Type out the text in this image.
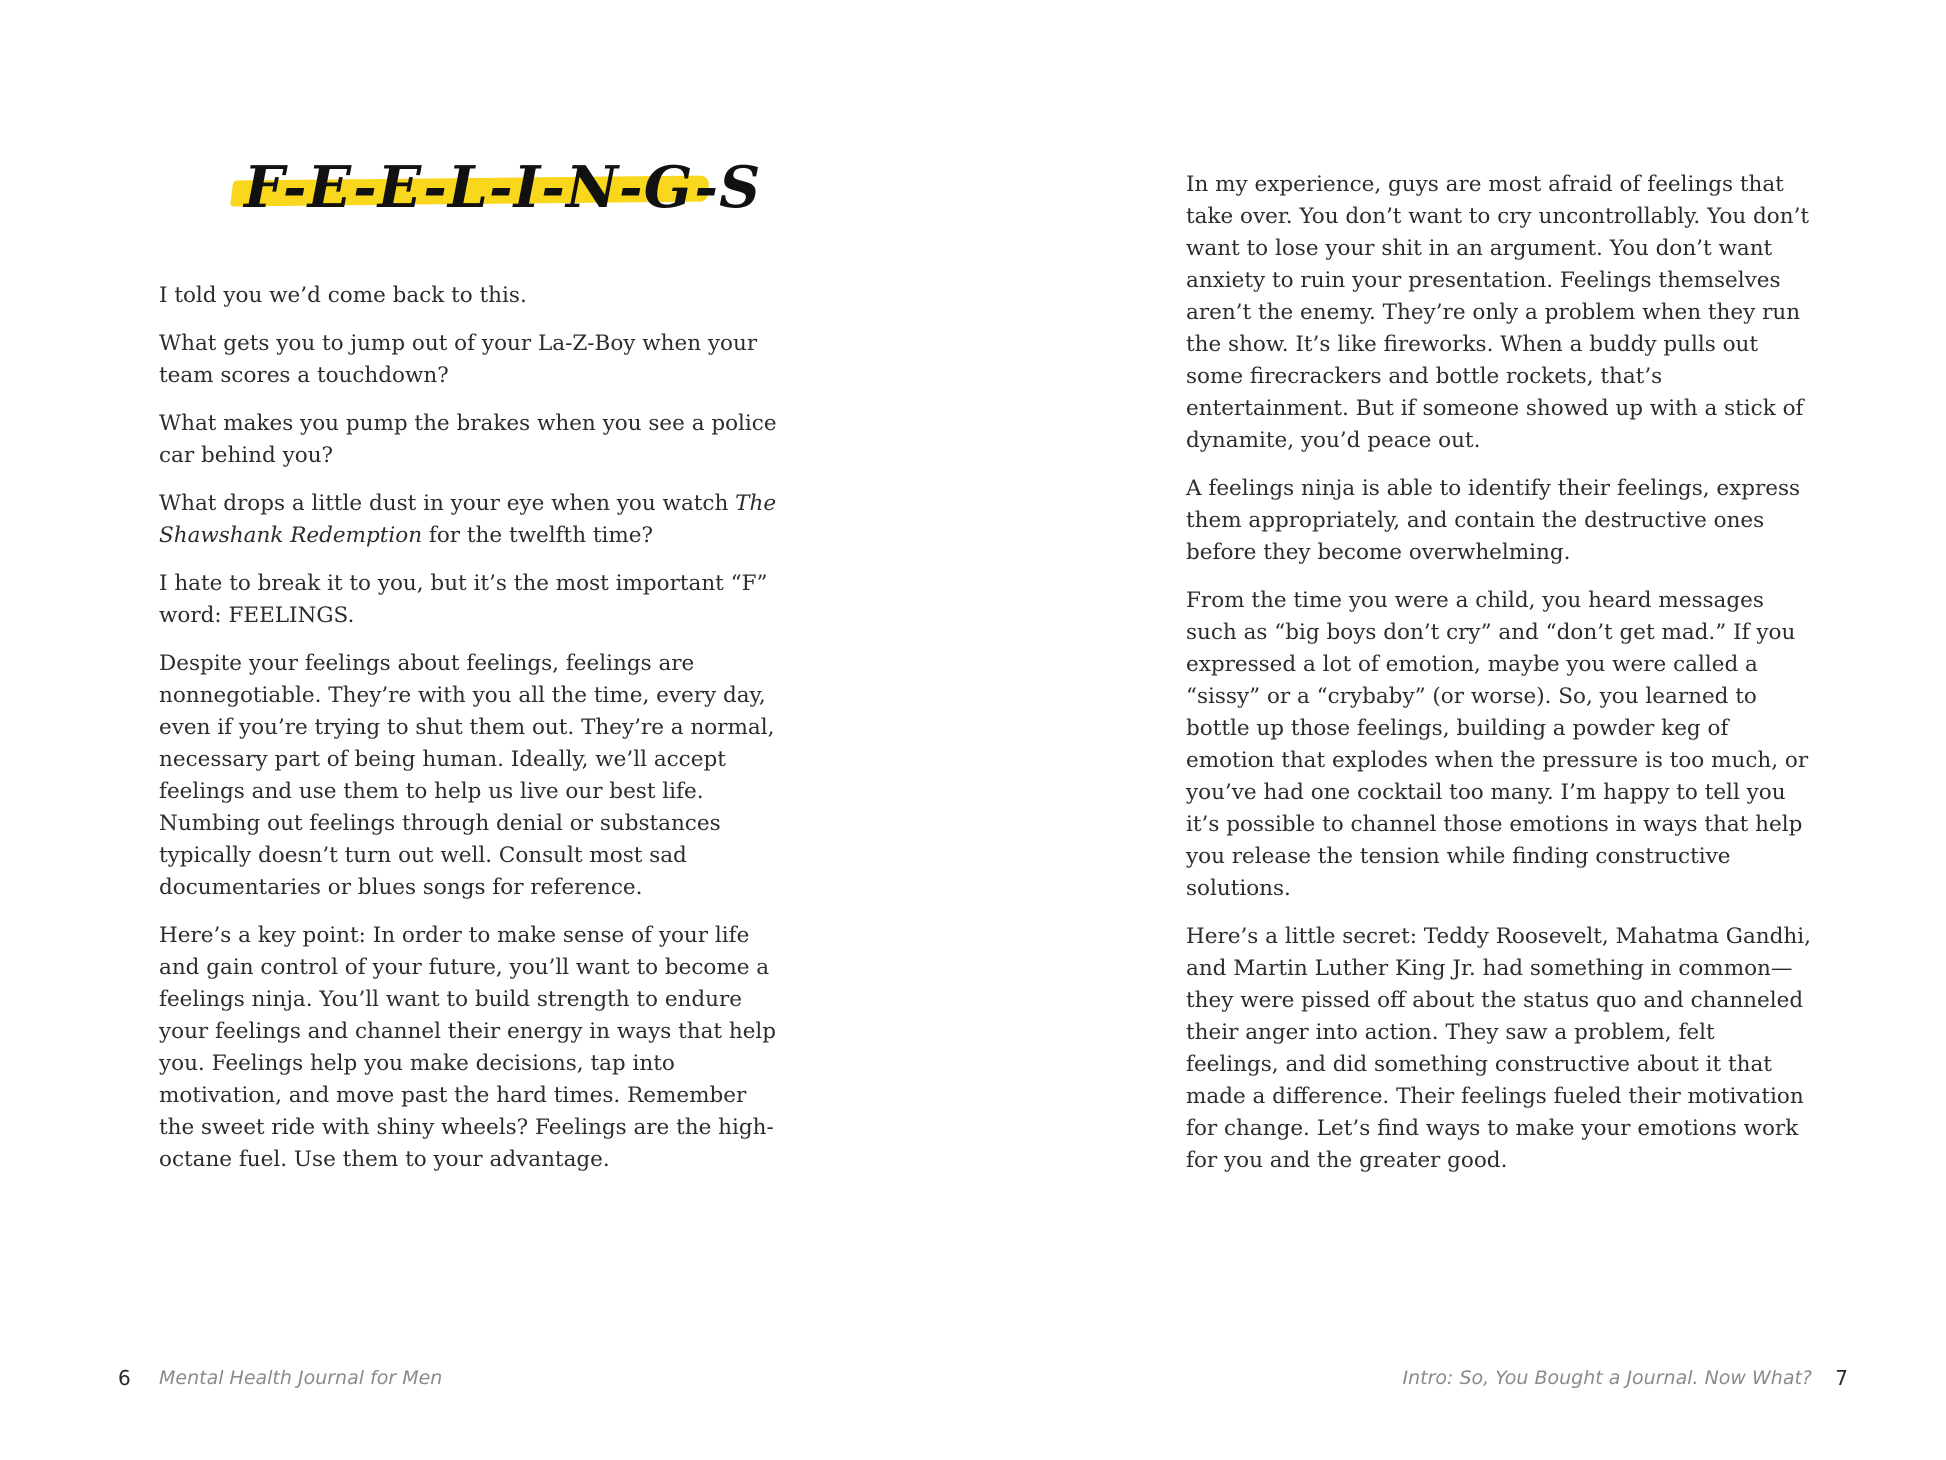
F-E-E-L-I-N-G-S

I told you we’d come back to this.

What gets you to jump out of your La-Z-Boy when your team scores a touchdown?

What makes you pump the brakes when you see a police car behind you?

What drops a little dust in your eye when you watch The Shawshank Redemption for the twelfth time?

I hate to break it to you, but it’s the most important “F” word: FEELINGS.

Despite your feelings about feelings, feelings are nonnegotiable. They’re with you all the time, every day, even if you’re trying to shut them out. They’re a normal, necessary part of being human. Ideally, we’ll accept feelings and use them to help us live our best life. Numbing out feelings through denial or substances typically doesn’t turn out well. Consult most sad documentaries or blues songs for reference.

Here’s a key point: In order to make sense of your life and gain control of your future, you’ll want to become a feelings ninja. You’ll want to build strength to endure your feelings and channel their energy in ways that help you. Feelings help you make decisions, tap into motivation, and move past the hard times. Remember the sweet ride with shiny wheels? Feelings are the high-octane fuel. Use them to your advantage.

6 Mental Health Journal for Men

In my experience, guys are most afraid of feelings that take over. You don’t want to cry uncontrollably. You don’t want to lose your shit in an argument. You don’t want anxiety to ruin your presentation. Feelings themselves aren’t the enemy. They’re only a problem when they run the show. It’s like fireworks. When a buddy pulls out some firecrackers and bottle rockets, that’s entertainment. But if someone showed up with a stick of dynamite, you’d peace out.

A feelings ninja is able to identify their feelings, express them appropriately, and contain the destructive ones before they become overwhelming.

From the time you were a child, you heard messages such as “big boys don’t cry” and “don’t get mad.” If you expressed a lot of emotion, maybe you were called a “sissy” or a “crybaby” (or worse). So, you learned to bottle up those feelings, building a powder keg of emotion that explodes when the pressure is too much, or you’ve had one cocktail too many. I’m happy to tell you it’s possible to channel those emotions in ways that help you release the tension while finding constructive solutions.

Here’s a little secret: Teddy Roosevelt, Mahatma Gandhi, and Martin Luther King Jr. had something in common—they were pissed off about the status quo and channeled their anger into action. They saw a problem, felt feelings, and did something constructive about it that made a difference. Their feelings fueled their motivation for change. Let’s find ways to make your emotions work for you and the greater good.

Intro: So, You Bought a Journal. Now What? 7
